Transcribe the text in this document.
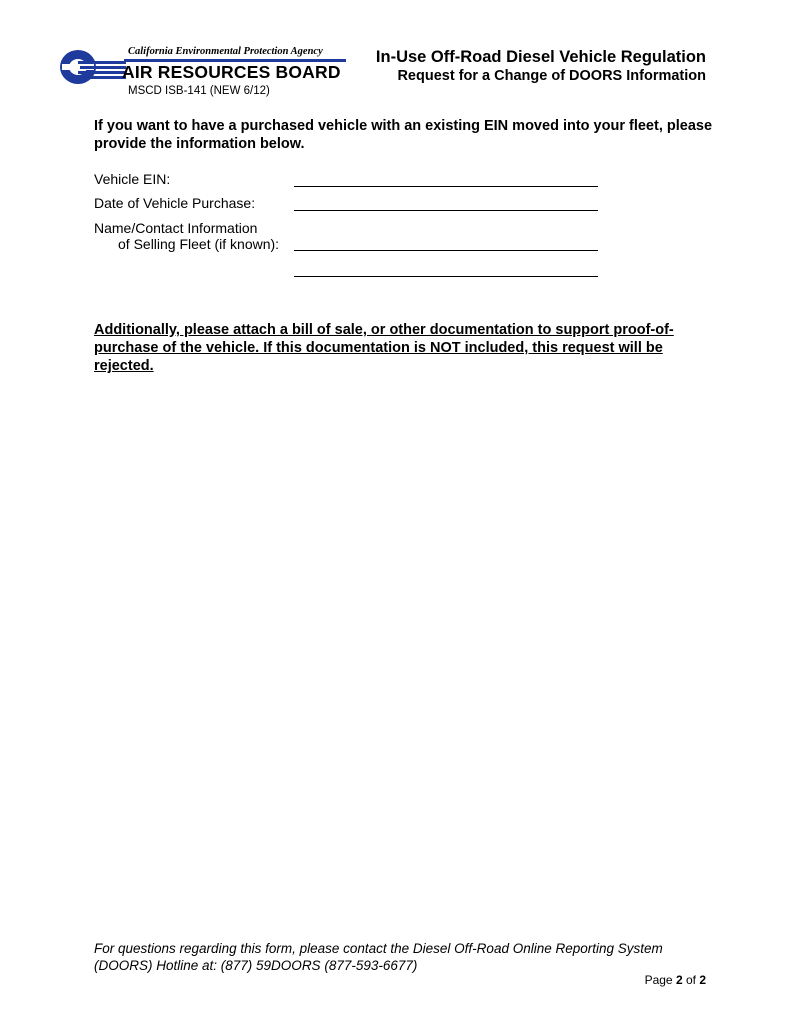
California Environmental Protection Agency
AIR RESOURCES BOARD
MSCD ISB-141 (NEW 6/12)
In-Use Off-Road Diesel Vehicle Regulation
Request for a Change of DOORS Information
If you want to have a purchased vehicle with an existing EIN moved into your fleet, please provide the information below.
Vehicle EIN:
Date of Vehicle Purchase:
Name/Contact Information
of Selling Fleet (if known):
Additionally, please attach a bill of sale, or other documentation to support proof-of-purchase of the vehicle. If this documentation is NOT included, this request will be rejected.
For questions regarding this form, please contact the Diesel Off-Road Online Reporting System (DOORS) Hotline at: (877) 59DOORS (877-593-6677)
Page 2 of 2
